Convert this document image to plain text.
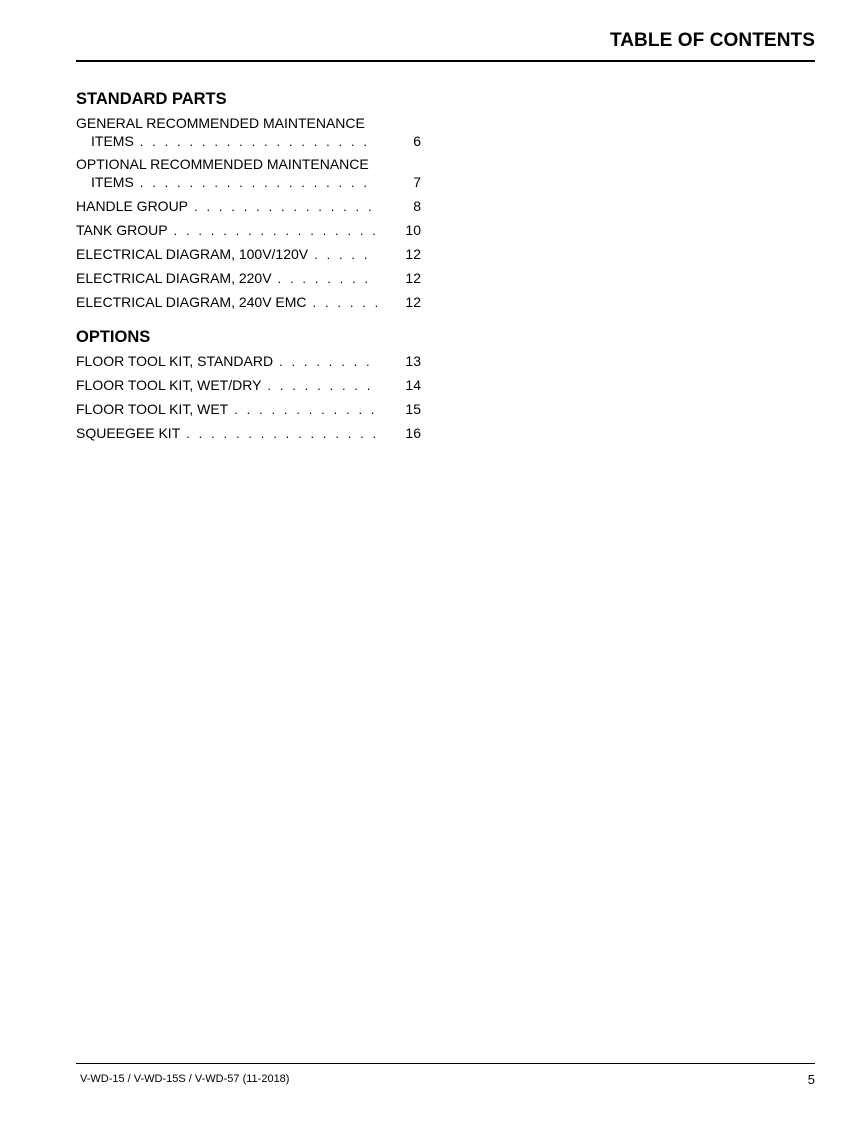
TABLE OF CONTENTS
STANDARD PARTS
GENERAL RECOMMENDED MAINTENANCE
ITEMS . . .	6
OPTIONAL RECOMMENDED MAINTENANCE
ITEMS . . .	7
HANDLE GROUP . . .	8
TANK GROUP . . .	10
ELECTRICAL DIAGRAM, 100V/120V . . .	12
ELECTRICAL DIAGRAM, 220V . . .	12
ELECTRICAL DIAGRAM, 240V EMC . . .	12
OPTIONS
FLOOR TOOL KIT, STANDARD . . .	13
FLOOR TOOL KIT, WET/DRY . . .	14
FLOOR TOOL KIT, WET . . .	15
SQUEEGEE KIT . . .	16
V-WD-15 / V-WD-15S / V-WD-57 (11-2018)	5
